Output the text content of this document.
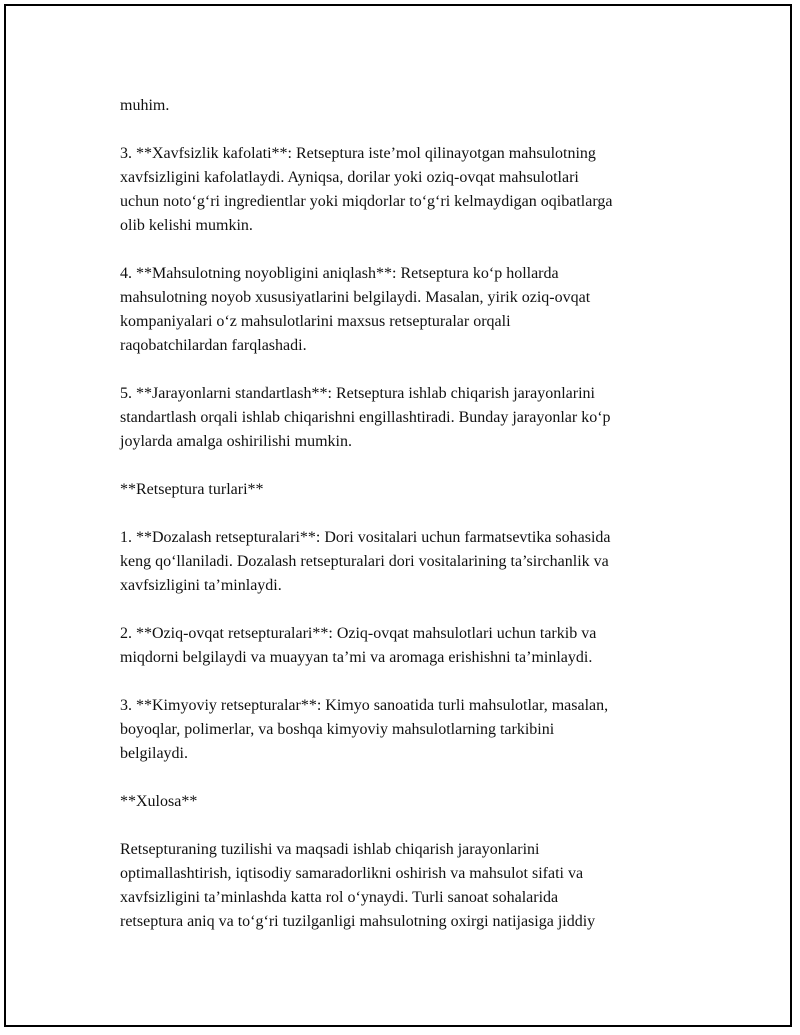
muhim.

3. **Xavfsizlik kafolati**: Retseptura iste’mol qilinayotgan mahsulotning
xavfsizligini kafolatlaydi. Ayniqsa, dorilar yoki oziq-ovqat mahsulotlari
uchun noto‘g‘ri ingredientlar yoki miqdorlar to‘g‘ri kelmaydigan oqibatlarga
olib kelishi mumkin.

4. **Mahsulotning noyobligini aniqlash**: Retseptura ko‘p hollarda
mahsulotning noyob xususiyatlarini belgilaydi. Masalan, yirik oziq-ovqat
kompaniyalari o‘z mahsulotlarini maxsus retsepturalar orqali
raqobatchilardan farqlashadi.

5. **Jarayonlarni standartlash**: Retseptura ishlab chiqarish jarayonlarini
standartlash orqali ishlab chiqarishni engillashtiradi. Bunday jarayonlar ko‘p
joylarda amalga oshirilishi mumkin.

**Retseptura turlari**

1. **Dozalash retsepturalari**: Dori vositalari uchun farmatsevtika sohasida
keng qo‘llaniladi. Dozalash retsepturalari dori vositalarining ta’sirchanlik va
xavfsizligini ta’minlaydi.

2. **Oziq-ovqat retsepturalari**: Oziq-ovqat mahsulotlari uchun tarkib va
miqdorni belgilaydi va muayyan ta’mi va aromaga erishishni ta’minlaydi.

3. **Kimyoviy retsepturalar**: Kimyo sanoatida turli mahsulotlar, masalan,
boyoqlar, polimerlar, va boshqa kimyoviy mahsulotlarning tarkibini
belgilaydi.

**Xulosa**

Retsepturaning tuzilishi va maqsadi ishlab chiqarish jarayonlarini
optimallashtirish, iqtisodiy samaradorlikni oshirish va mahsulot sifati va
xavfsizligini ta’minlashda katta rol o‘ynaydi. Turli sanoat sohalarida
retseptura aniq va to‘g‘ri tuzilganligi mahsulotning oxirgi natijasiga jiddiy
